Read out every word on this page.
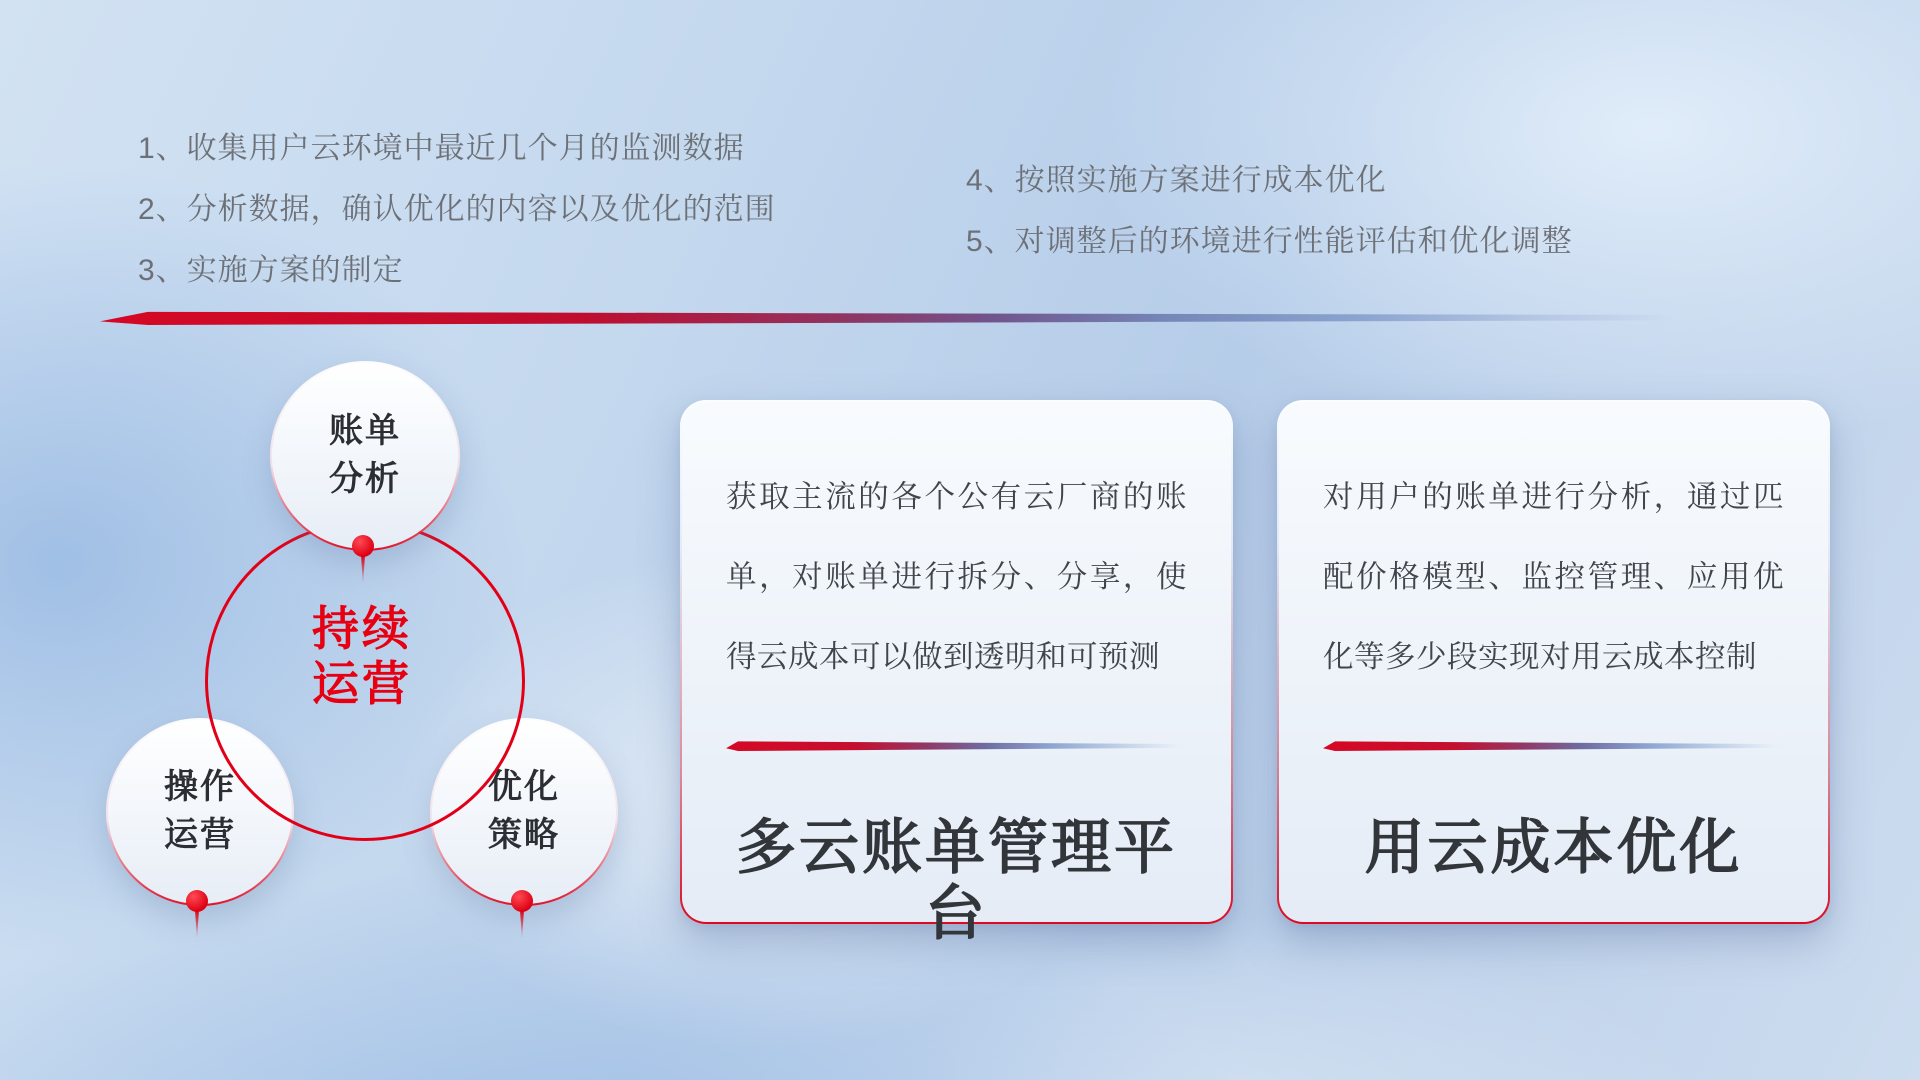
1、收集用户云环境中最近几个月的监测数据
2、分析数据，确认优化的内容以及优化的范围
3、实施方案的制定
4、按照实施方案进行成本优化
5、对调整后的环境进行性能评估和优化调整
账单
分析
操作
运营
优化
策略
持续
运营

获取主流的各个公有云厂商的账单，对账单进行拆分、分享，使得云成本可以做到透明和可预测

多云账单管理平台

对用户的账单进行分析，通过匹配价格模型、监控管理、应用优化等多少段实现对用云成本控制

用云成本优化
